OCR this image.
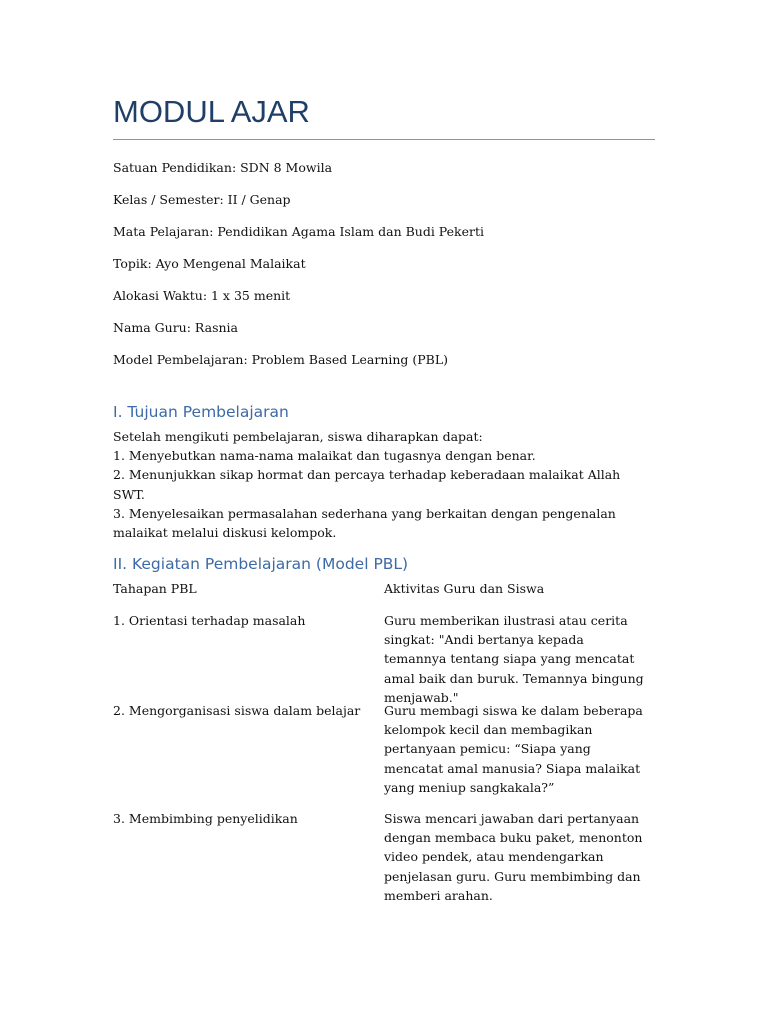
MODUL AJAR
Satuan Pendidikan: SDN 8 Mowila
Kelas / Semester: II / Genap
Mata Pelajaran: Pendidikan Agama Islam dan Budi Pekerti
Topik: Ayo Mengenal Malaikat
Alokasi Waktu: 1 x 35 menit
Nama Guru: Rasnia
Model Pembelajaran: Problem Based Learning (PBL)
I. Tujuan Pembelajaran

Setelah mengikuti pembelajaran, siswa diharapkan dapat:

1. Menyebutkan nama-nama malaikat dan tugasnya dengan benar.

2. Menunjukkan sikap hormat dan percaya terhadap keberadaan malaikat Allah SWT.

3. Menyelesaikan permasalahan sederhana yang berkaitan dengan pengenalan malaikat melalui diskusi kelompok.

II. Kegiatan Pembelajaran (Model PBL)
Tahapan PBL	Aktivitas Guru dan Siswa
1. Orientasi terhadap masalah	Guru memberikan ilustrasi atau cerita singkat: "Andi bertanya kepada temannya tentang siapa yang mencatat amal baik dan buruk. Temannya bingung menjawab."
2. Mengorganisasi siswa dalam belajar	Guru membagi siswa ke dalam beberapa kelompok kecil dan membagikan pertanyaan pemicu: “Siapa yang mencatat amal manusia? Siapa malaikat yang meniup sangkakala?”
3. Membimbing penyelidikan	Siswa mencari jawaban dari pertanyaan dengan membaca buku paket, menonton video pendek, atau mendengarkan penjelasan guru. Guru membimbing dan memberi arahan.
